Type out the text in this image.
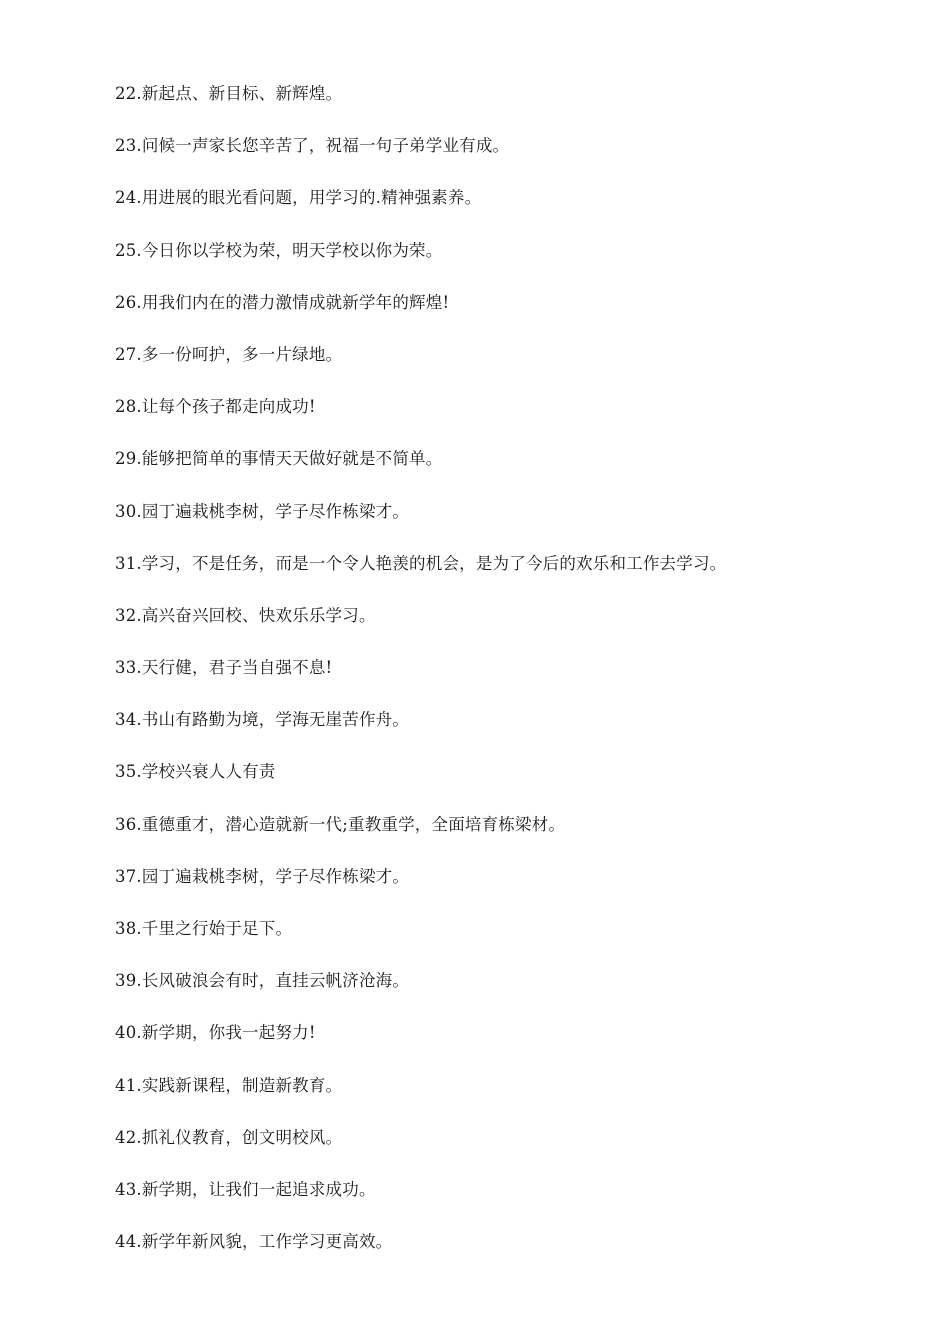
22.新起点、新目标、新辉煌。
23.问候一声家长您辛苦了，祝福一句子弟学业有成。
24.用进展的眼光看问题，用学习的.精神强素养。
25.今日你以学校为荣，明天学校以你为荣。
26.用我们内在的潜力激情成就新学年的辉煌!
27.多一份呵护，多一片绿地。
28.让每个孩子都走向成功!
29.能够把简单的事情天天做好就是不简单。
30.园丁遍栽桃李树，学子尽作栋梁才。
31.学习，不是任务，而是一个令人艳羡的机会，是为了今后的欢乐和工作去学习。
32.高兴奋兴回校、快欢乐乐学习。
33.天行健，君子当自强不息!
34.书山有路勤为境，学海无崖苦作舟。
35.学校兴衰人人有责
36.重德重才，潜心造就新一代;重教重学，全面培育栋梁材。
37.园丁遍栽桃李树，学子尽作栋梁才。
38.千里之行始于足下。
39.长风破浪会有时，直挂云帆济沧海。
40.新学期，你我一起努力!
41.实践新课程，制造新教育。
42.抓礼仪教育，创文明校风。
43.新学期，让我们一起追求成功。
44.新学年新风貌，工作学习更高效。
